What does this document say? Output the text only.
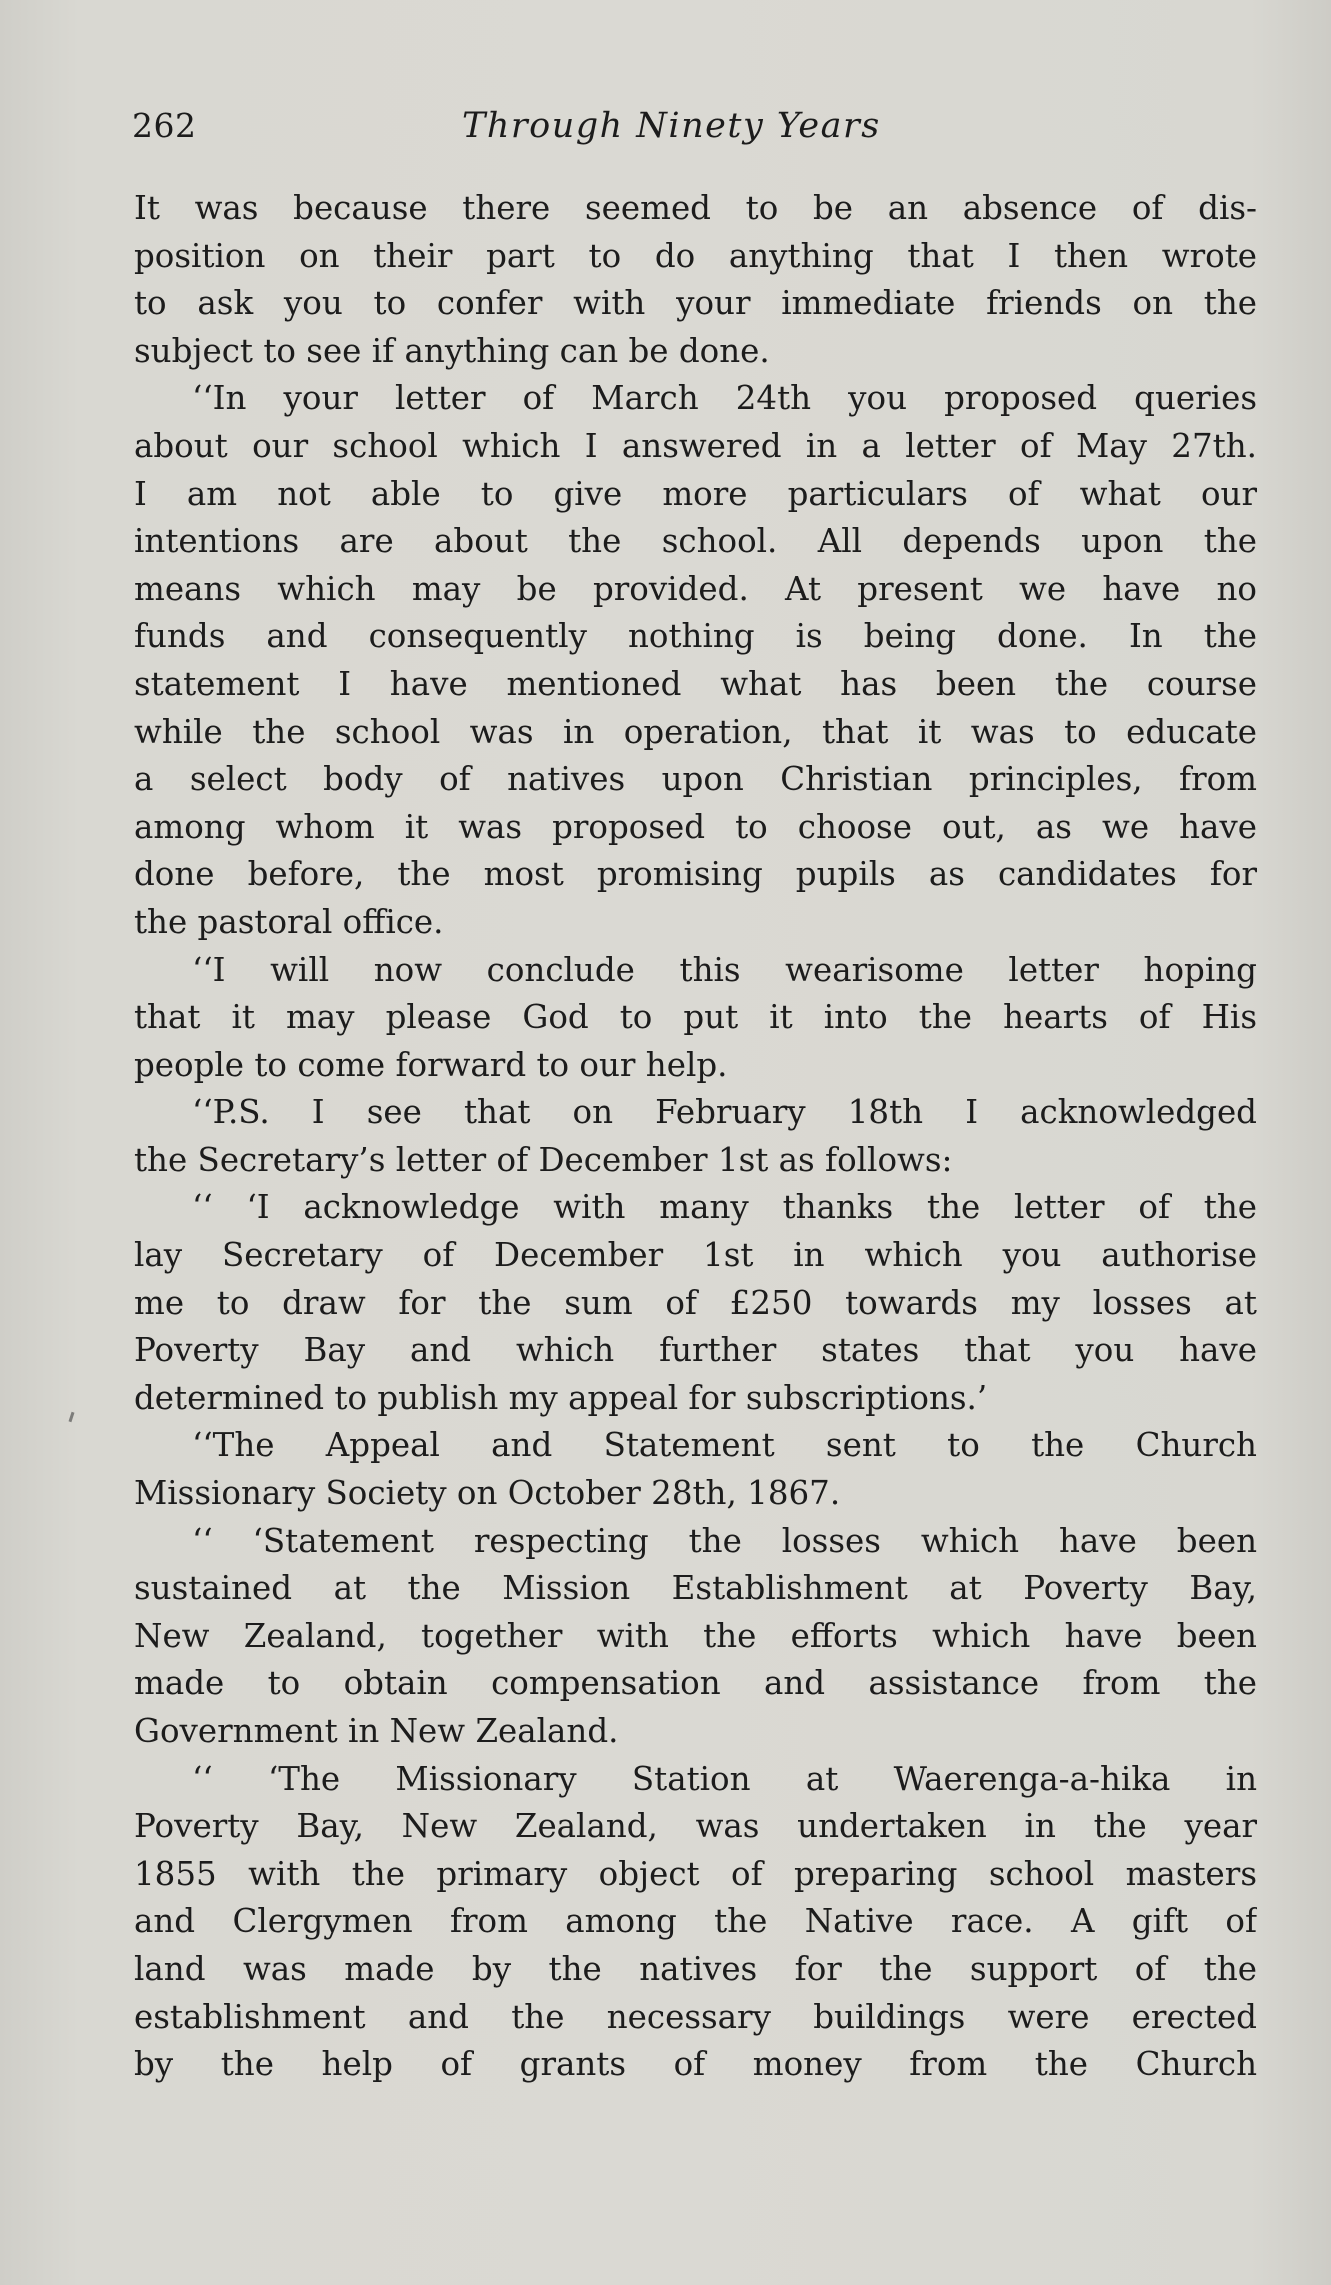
262	Through Ninety Years
It was because there seemed to be an absence of dis-
position on their part to do anything that I then wrote
to ask you to confer with your immediate friends on the
subject to see if anything can be done.
‘‘In your letter of March 24th you proposed queries
about our school which I answered in a letter of May 27th.
I am not able to give more particulars of what our
intentions are about the school. All depends upon the
means which may be provided. At present we have no
funds and consequently nothing is being done. In the
statement I have mentioned what has been the course
while the school was in operation, that it was to educate
a select body of natives upon Christian principles, from
among whom it was proposed to choose out, as we have
done before, the most promising pupils as candidates for
the pastoral office.
‘‘I will now conclude this wearisome letter hoping
that it may please God to put it into the hearts of His
people to come forward to our help.
‘‘P.S. I see that on February 18th I acknowledged
the Secretary’s letter of December 1st as follows:
‘‘ ‘I acknowledge with many thanks the letter of the
lay Secretary of December 1st in which you authorise
me to draw for the sum of £250 towards my losses at
Poverty Bay and which further states that you have
determined to publish my appeal for subscriptions.’
‘‘The Appeal and Statement sent to the Church
Missionary Society on October 28th, 1867.
‘‘ ‘Statement respecting the losses which have been
sustained at the Mission Establishment at Poverty Bay,
New Zealand, together with the efforts which have been
made to obtain compensation and assistance from the
Government in New Zealand.
‘‘ ‘The Missionary Station at Waerenga-a-hika in
Poverty Bay, New Zealand, was undertaken in the year
1855 with the primary object of preparing school masters
and Clergymen from among the Native race. A gift of
land was made by the natives for the support of the
establishment and the necessary buildings were erected
by the help of grants of money from the Church
